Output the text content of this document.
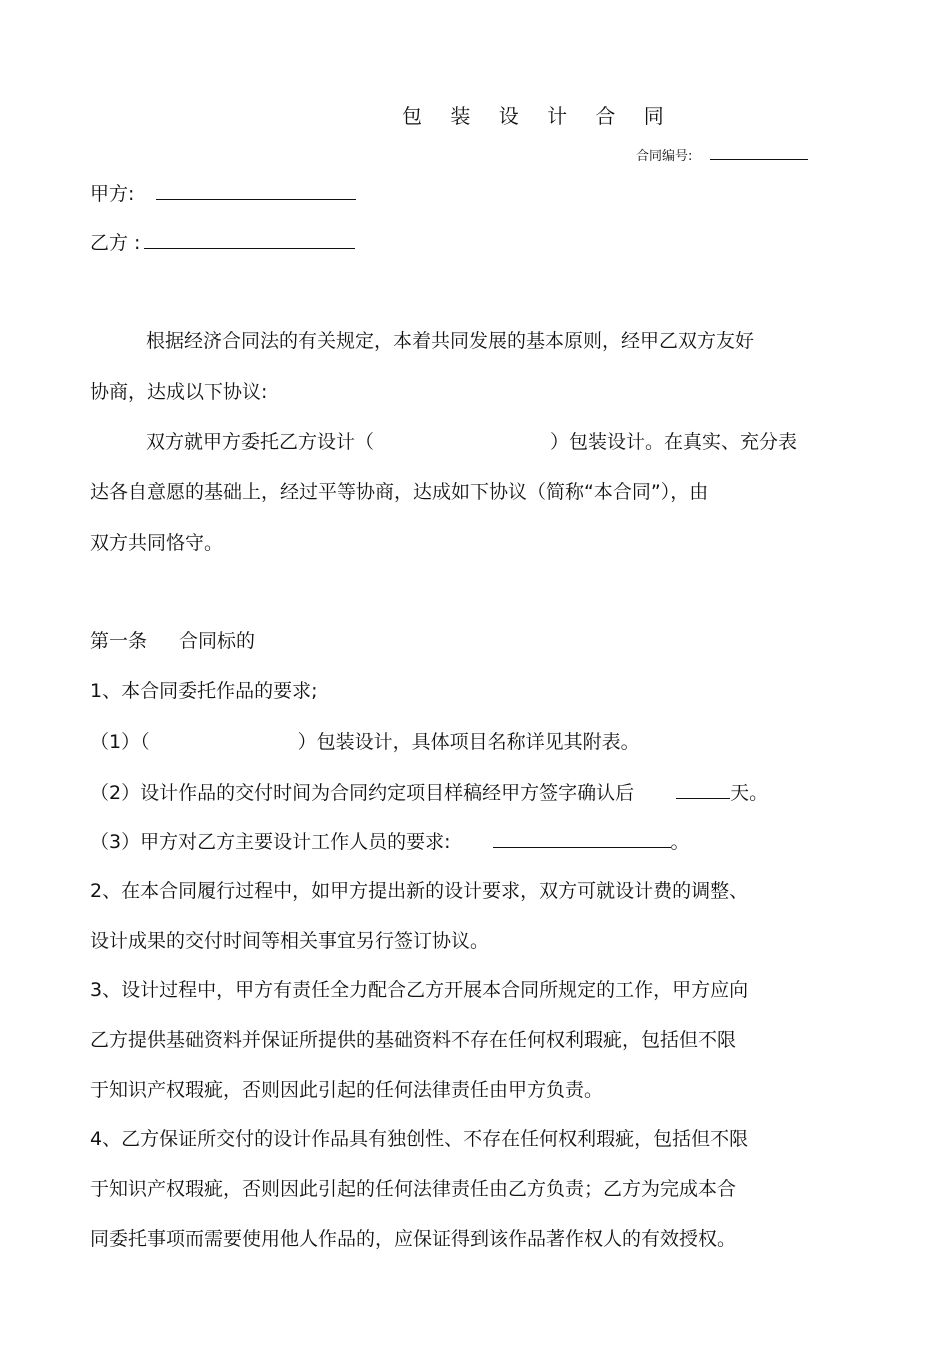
包 装 设 计 合 同
合同编号:
甲方:
乙方 :
根据经济合同法的有关规定，本着共同发展的基本原则，经甲乙双方友好
协商，达成以下协议:
双方就甲方委托乙方设计（	）包装设计。在真实、充分表
达各自意愿的基础上，经过平等协商，达成如下协议（简称“本合同”），由
双方共同恪守。
第一条 合同标的
1、本合同委托作品的要求;
（1）（	）包装设计，具体项目名称详见其附表。
（2）设计作品的交付时间为合同约定项目样稿经甲方签字确认后	天。
（3）甲方对乙方主要设计工作人员的要求:	。
2、在本合同履行过程中，如甲方提出新的设计要求，双方可就设计费的调整、
设计成果的交付时间等相关事宜另行签订协议。
3、设计过程中，甲方有责任全力配合乙方开展本合同所规定的工作，甲方应向
乙方提供基础资料并保证所提供的基础资料不存在任何权利瑕疵，包括但不限
于知识产权瑕疵，否则因此引起的任何法律责任由甲方负责。
4、乙方保证所交付的设计作品具有独创性、不存在任何权利瑕疵，包括但不限
于知识产权瑕疵，否则因此引起的任何法律责任由乙方负责；乙方为完成本合
同委托事项而需要使用他人作品的，应保证得到该作品著作权人的有效授权。
